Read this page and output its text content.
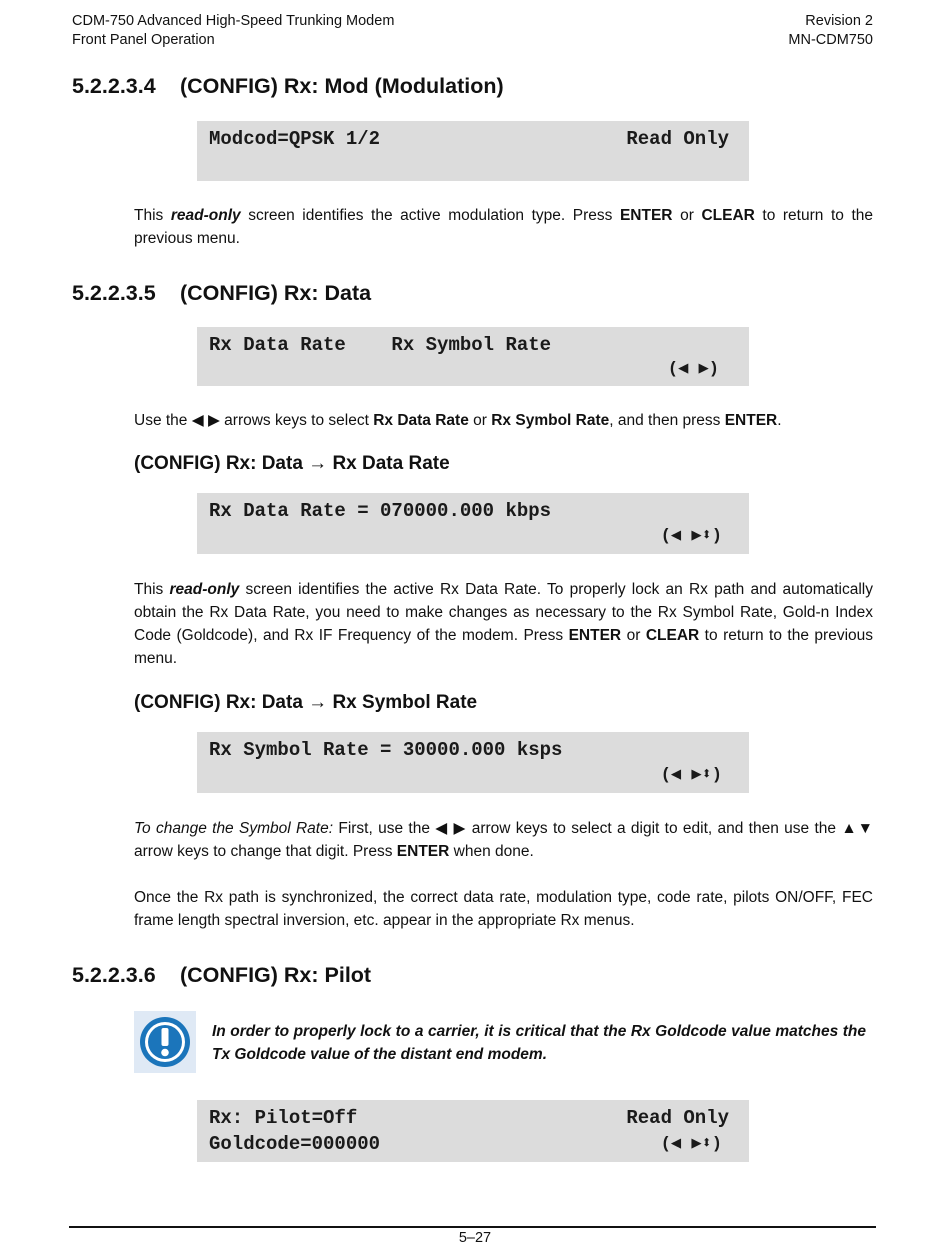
CDM-750 Advanced High-Speed Trunking Modem
Front Panel Operation
Revision 2
MN-CDM750
5.2.2.3.4 (CONFIG) Rx: Mod (Modulation)
Modcod=QPSK 1/2	Read Only
This read-only screen identifies the active modulation type. Press ENTER or CLEAR to return to the previous menu.
5.2.2.3.5 (CONFIG) Rx: Data
Rx Data Rate    Rx Symbol Rate
(◀ ▶)
Use the ◀ ▶ arrows keys to select Rx Data Rate or Rx Symbol Rate, and then press ENTER.
(CONFIG) Rx: Data → Rx Data Rate
Rx Data Rate = 070000.000 kbps
(◀ ▶⬍)
This read-only screen identifies the active Rx Data Rate. To properly lock an Rx path and automatically obtain the Rx Data Rate, you need to make changes as necessary to the Rx Symbol Rate, Gold-n Index Code (Goldcode), and Rx IF Frequency of the modem. Press ENTER or CLEAR to return to the previous menu.
(CONFIG) Rx: Data → Rx Symbol Rate
Rx Symbol Rate = 30000.000 ksps
(◀ ▶⬍)
To change the Symbol Rate: First, use the ◀ ▶ arrow keys to select a digit to edit, and then use the ▲▼ arrow keys to change that digit. Press ENTER when done.
Once the Rx path is synchronized, the correct data rate, modulation type, code rate, pilots ON/OFF, FEC frame length spectral inversion, etc. appear in the appropriate Rx menus.
5.2.2.3.6 (CONFIG) Rx: Pilot
In order to properly lock to a carrier, it is critical that the Rx Goldcode value matches the Tx Goldcode value of the distant end modem.
Rx: Pilot=Off	Read Only
Goldcode=000000	(◀ ▶⬍)
5–27
